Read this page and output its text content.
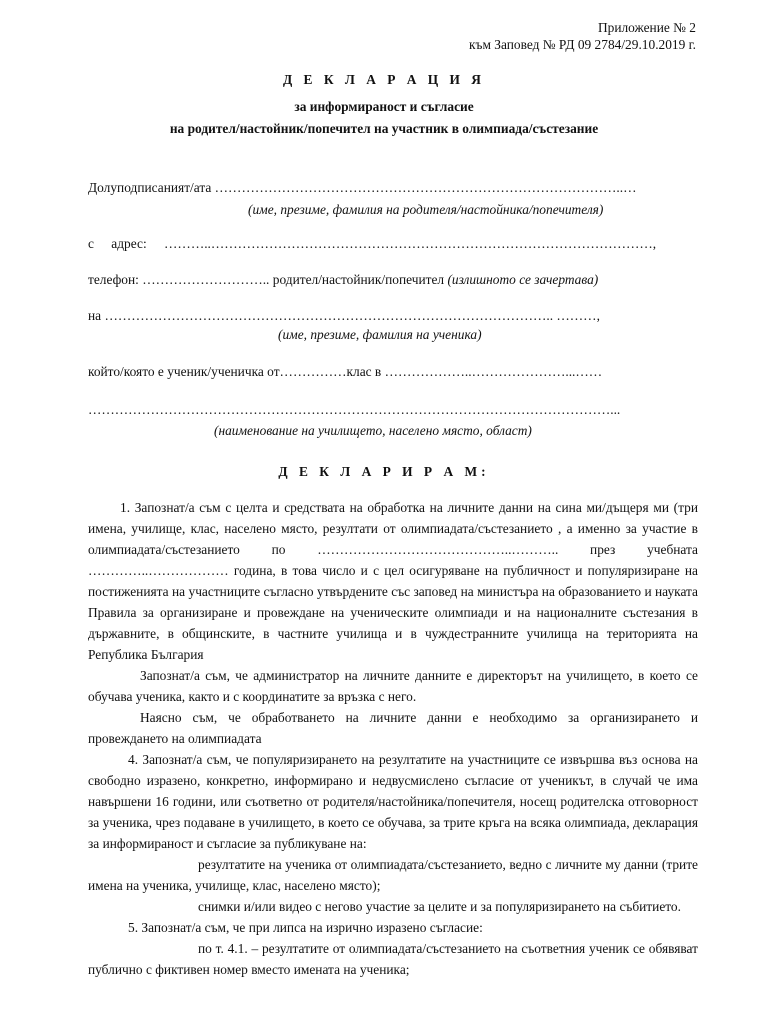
Приложение № 2
към Заповед № РД 09 2784/29.10.2019 г.
Д Е К Л А Р А Ц И Я
за информираност и съгласие
на родител/настойник/попечител на участник в олимпиада/състезание
Долуподписаният/ата ………………………………………………………………………………..…
(име, презиме, фамилия на родителя/настойника/попечителя)
с адрес: ………..………………………………………………………………………………………,
телефон: ……………………….. родител/настойник/попечител (излишното се зачертава)
на ……………………………………………………………………………………….. ………,
(име, презиме, фамилия на ученика)
който/която е ученик/ученичка от……………клас в ………………..…………………...……
………………………………………………………………………………………………………...
(наименование на училището, населено място, област)
Д Е К Л А Р И Р А М:

1. Запознат/а съм с целта и средствата на обработка на личните данни на сина ми/дъщеря ми (три имена, училище, клас, населено място, резултати от олимпиадата/състезанието , а именно за участие в олимпиадата/състезанието по ……………………………………..……….. през учебната …………..……………… година, в това число и с цел осигуряване на публичност и популяризиране на постиженията на участниците съгласно утвърдените със заповед на министъра на образованието и науката Правила за организиране и провеждане на ученическите олимпиади и на националните състезания в държавните, в общинските, в частните училища и в чуждестранните училища на територията на Република България

Запознат/а съм, че администратор на личните данните е директорът на училището, в което се обучава ученика, както и с координатите за връзка с него.

Наясно съм, че обработването на личните данни е необходимо за организирането и провеждането на олимпиадата

4. Запознат/а съм, че популяризирането на резултатите на участниците се извършва въз основа на свободно изразено, конкретно, информирано и недвусмислено съгласие от ученикът, в случай че има навършени 16 години, или съответно от родителя/настойника/попечителя, носещ родителска отговорност за ученика, чрез подаване в училището, в което се обучава, за трите кръга на всяка олимпиада, декларация за информираност и съгласие за публикуване на:

резултатите на ученика от олимпиадата/състезанието, ведно с личните му данни (трите имена на ученика, училище, клас, населено място);

снимки и/или видео с негово участие за целите и за популяризирането на събитието.

5. Запознат/а съм, че при липса на изрично изразено съгласие:

по т. 4.1. – резултатите от олимпиадата/състезанието на съответния ученик се обявяват публично с фиктивен номер вместо имената на ученика;
